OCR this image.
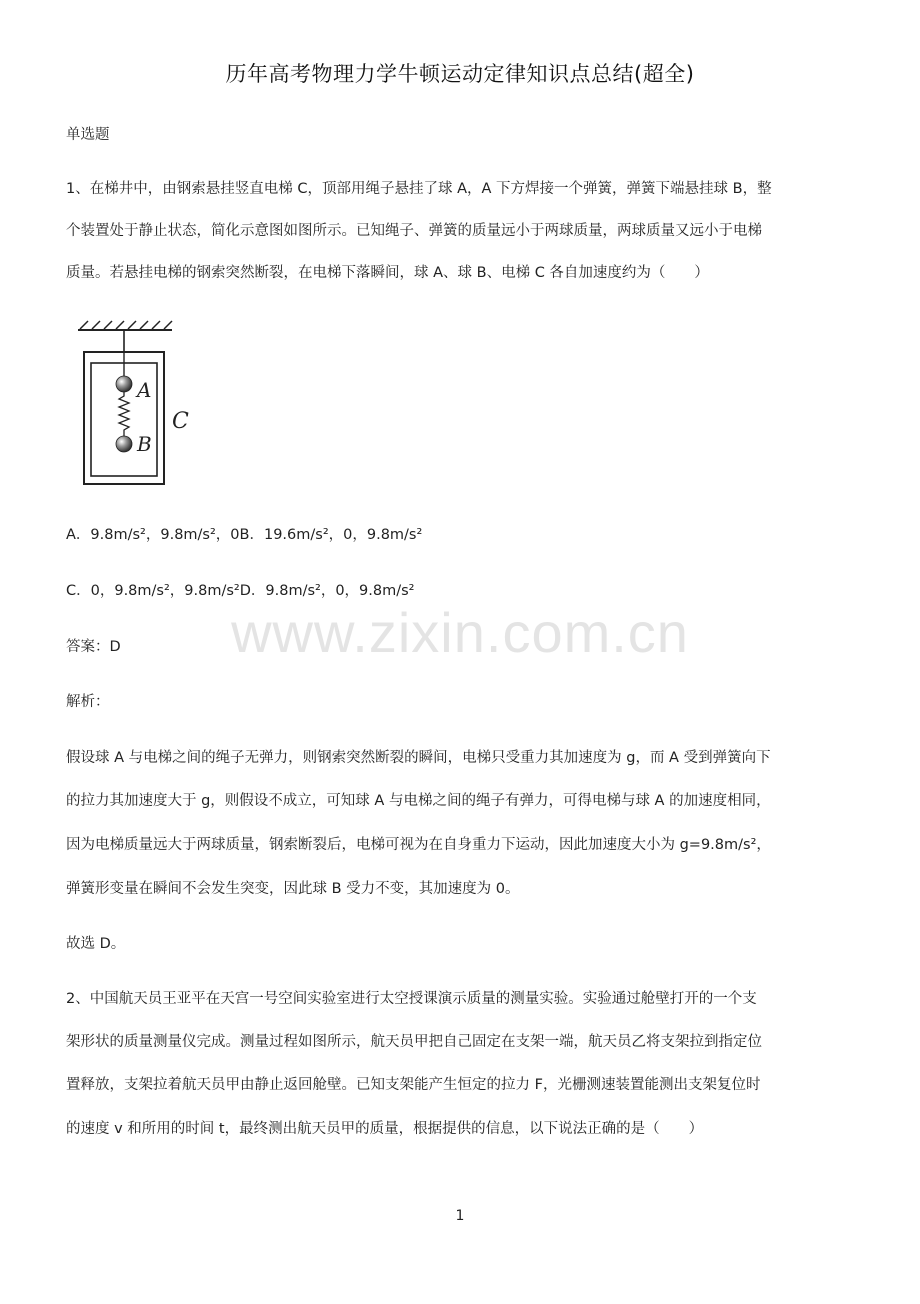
历年高考物理力学牛顿运动定律知识点总结(超全)
单选题
1、在梯井中，由钢索悬挂竖直电梯 C，顶部用绳子悬挂了球 A，A 下方焊接一个弹簧，弹簧下端悬挂球 B，整
个装置处于静止状态，简化示意图如图所示。已知绳子、弹簧的质量远小于两球质量，两球质量又远小于电梯
质量。若悬挂电梯的钢索突然断裂，在电梯下落瞬间，球 A、球 B、电梯 C 各自加速度约为（　　）
A
B
C
A．9.8m/s²，9.8m/s²，0B．19.6m/s²，0，9.8m/s²
C．0，9.8m/s²，9.8m/s²D．9.8m/s²，0，9.8m/s²
答案：D
解析：
假设球 A 与电梯之间的绳子无弹力，则钢索突然断裂的瞬间，电梯只受重力其加速度为 g，而 A 受到弹簧向下
的拉力其加速度大于 g，则假设不成立，可知球 A 与电梯之间的绳子有弹力，可得电梯与球 A 的加速度相同，
因为电梯质量远大于两球质量，钢索断裂后，电梯可视为在自身重力下运动，因此加速度大小为 g=9.8m/s²，
弹簧形变量在瞬间不会发生突变，因此球 B 受力不变，其加速度为 0。
故选 D。
2、中国航天员王亚平在天宫一号空间实验室进行太空授课演示质量的测量实验。实验通过舱壁打开的一个支
架形状的质量测量仪完成。测量过程如图所示，航天员甲把自己固定在支架一端，航天员乙将支架拉到指定位
置释放，支架拉着航天员甲由静止返回舱壁。已知支架能产生恒定的拉力 F，光栅测速装置能测出支架复位时
的速度 v 和所用的时间 t，最终测出航天员甲的质量，根据提供的信息，以下说法正确的是（　　）
www.zixin.com.cn
1
